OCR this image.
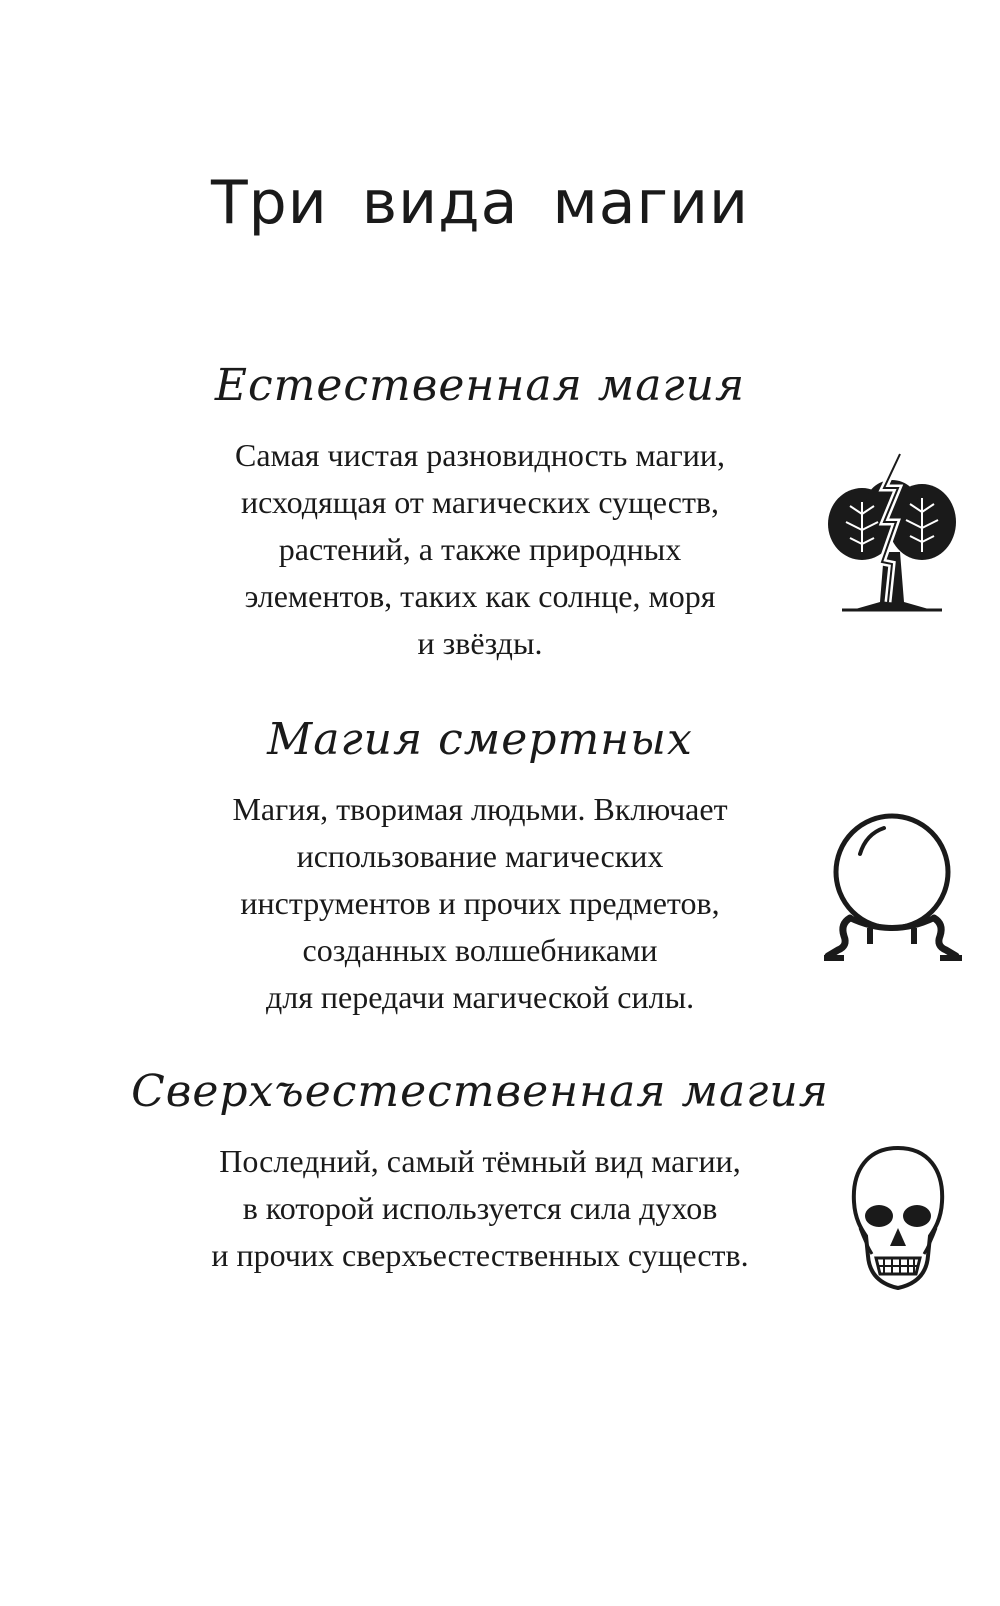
Три вида магии
Естественная магия

Самая чистая разновидность магии,
исходящая от магических существ,
растений, а также природных
элементов, таких как солнце, моря
и звёзды.

Магия смертных

Магия, творимая людьми. Включает
использование магических
инструментов и прочих предметов,
созданных волшебниками
для передачи магической силы.

Сверхъестественная магия

Последний, самый тёмный вид магии,
в которой используется сила духов
и прочих сверхъестественных существ.
